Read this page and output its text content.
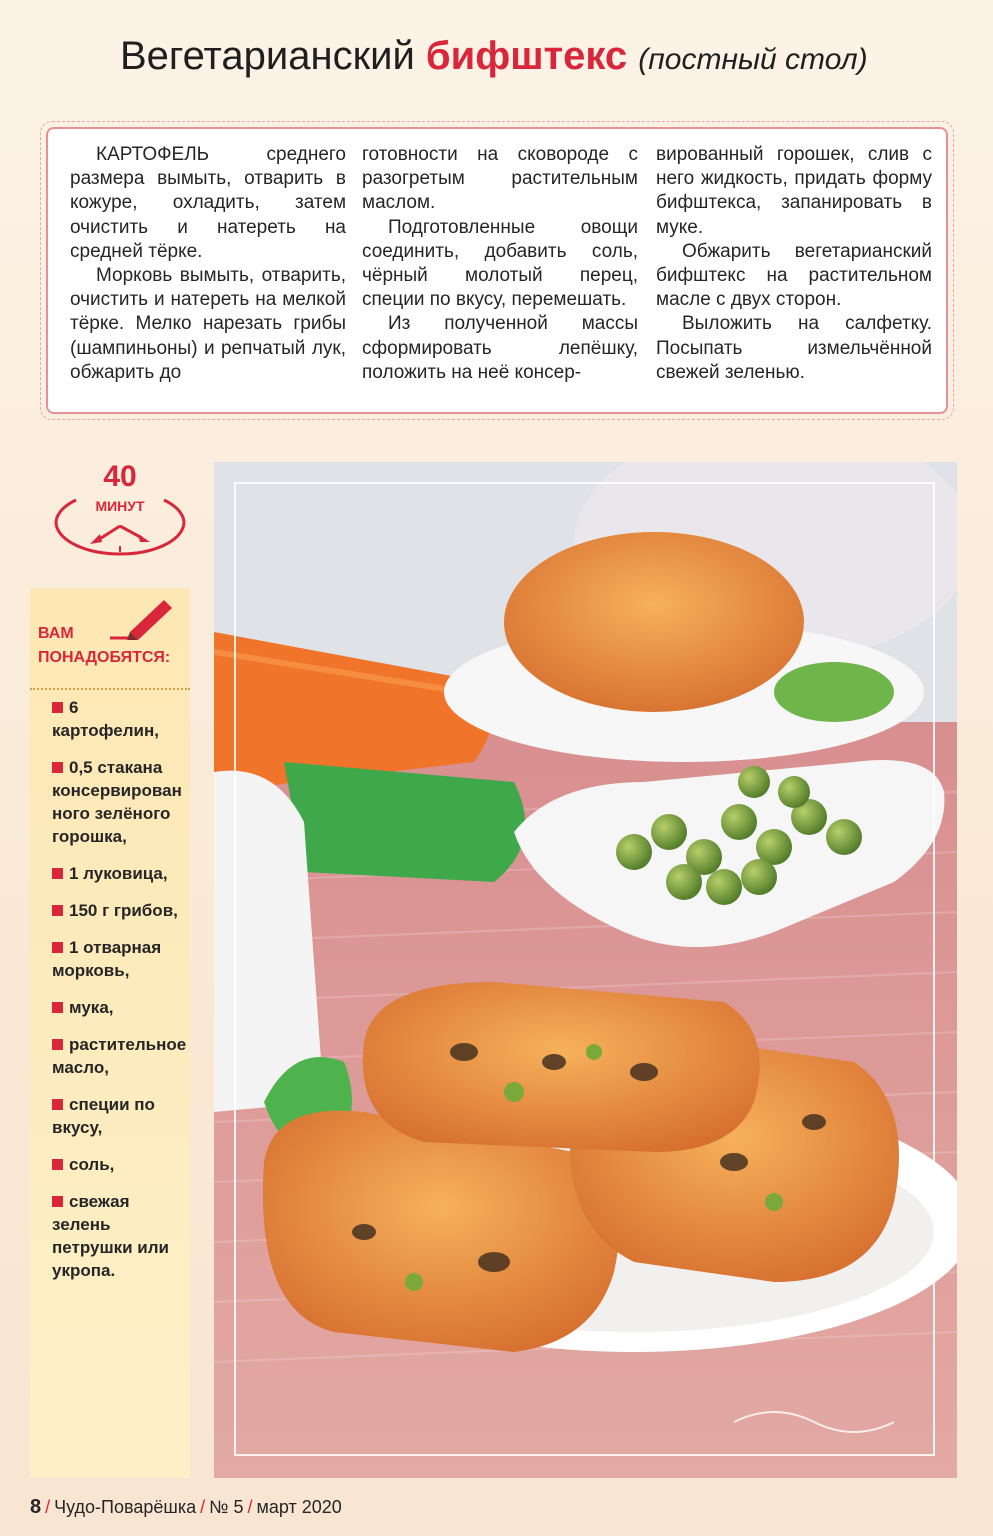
Вегетарианский бифштекс (постный стол)

КАРТОФЕЛЬ среднего размера вымыть, отварить в кожуре, охладить, затем очистить и натереть на средней тёрке.

Морковь вымыть, отварить, очистить и натереть на мелкой тёрке. Мелко нарезать грибы (шампиньоны) и репчатый лук, обжарить до

готовности на сковороде с разогретым растительным маслом.

Подготовленные овощи соединить, добавить соль, чёрный молотый перец, специи по вкусу, перемешать.

Из полученной массы сформировать лепёшку, положить на неё консер-

вированный горошек, слив с него жидкость, придать форму бифштекса, запанировать в муке.

Обжарить вегетарианский бифштекс на растительном масле с двух сторон.

Выложить на салфетку. Посыпать измельчённой свежей зеленью.

40
МИНУТ
ВАМ
ПОНАДОБЯТСЯ:
6 картофелин,
0,5 стакана консервированного зелёного горошка,
1 луковица,
150 г грибов,
1 отварная морковь,
мука,
растительное масло,
специи по вкусу,
соль,
свежая зелень петрушки или укропа.
8 / Чудо-Поварёшка / № 5 / март 2020
